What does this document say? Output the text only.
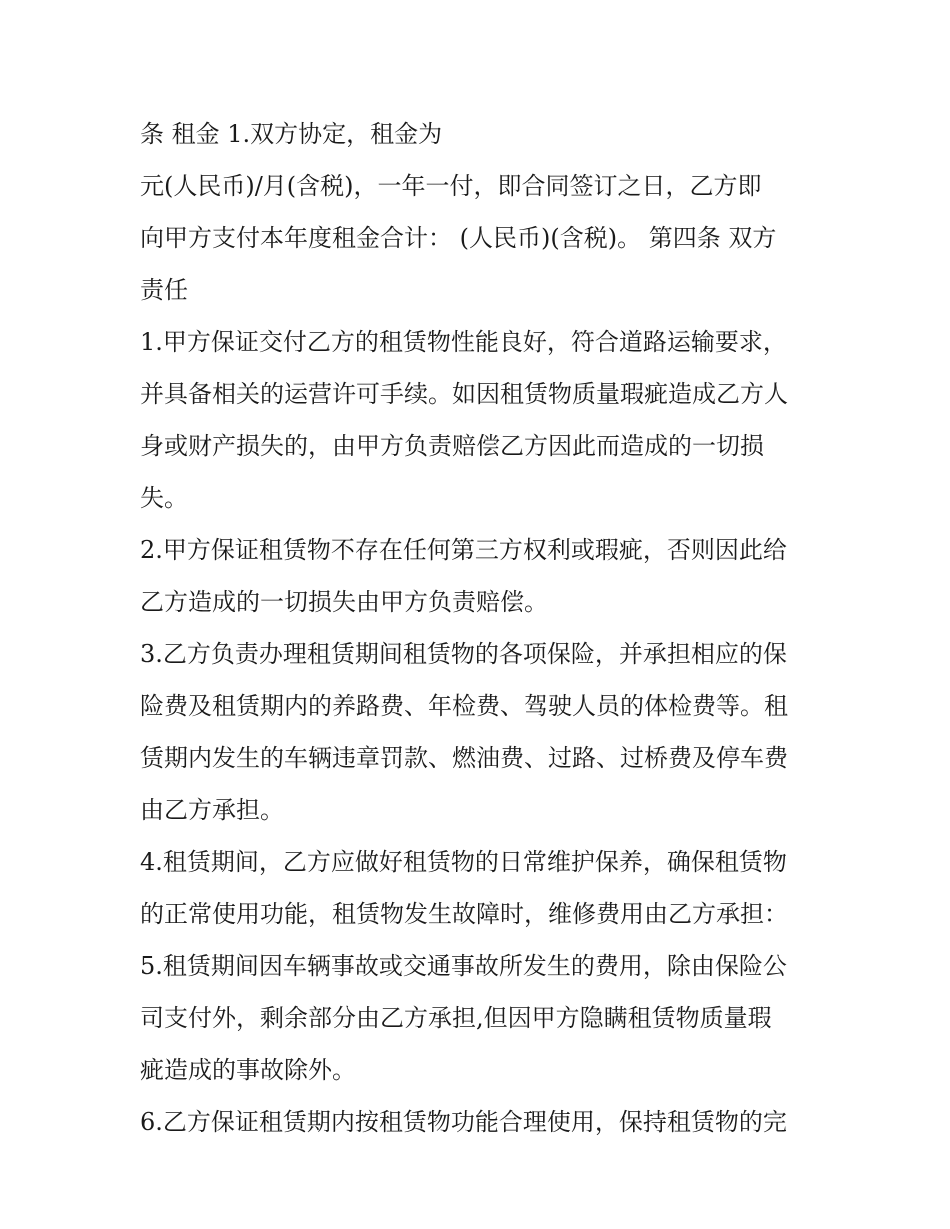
条 租金 1.双方协定，租金为
元(人民币)/月(含税)，一年一付，即合同签订之日，乙方即
向甲方支付本年度租金合计： (人民币)(含税)。 第四条 双方
责任
1.甲方保证交付乙方的租赁物性能良好，符合道路运输要求，
并具备相关的运营许可手续。如因租赁物质量瑕疵造成乙方人
身或财产损失的，由甲方负责赔偿乙方因此而造成的一切损
失。
2.甲方保证租赁物不存在任何第三方权利或瑕疵，否则因此给
乙方造成的一切损失由甲方负责赔偿。
3.乙方负责办理租赁期间租赁物的各项保险，并承担相应的保
险费及租赁期内的养路费、年检费、驾驶人员的体检费等。租
赁期内发生的车辆违章罚款、燃油费、过路、过桥费及停车费
由乙方承担。
4.租赁期间，乙方应做好租赁物的日常维护保养，确保租赁物
的正常使用功能，租赁物发生故障时，维修费用由乙方承担：
5.租赁期间因车辆事故或交通事故所发生的费用，除由保险公
司支付外，剩余部分由乙方承担,但因甲方隐瞒租赁物质量瑕
疵造成的事故除外。
6.乙方保证租赁期内按租赁物功能合理使用，保持租赁物的完
